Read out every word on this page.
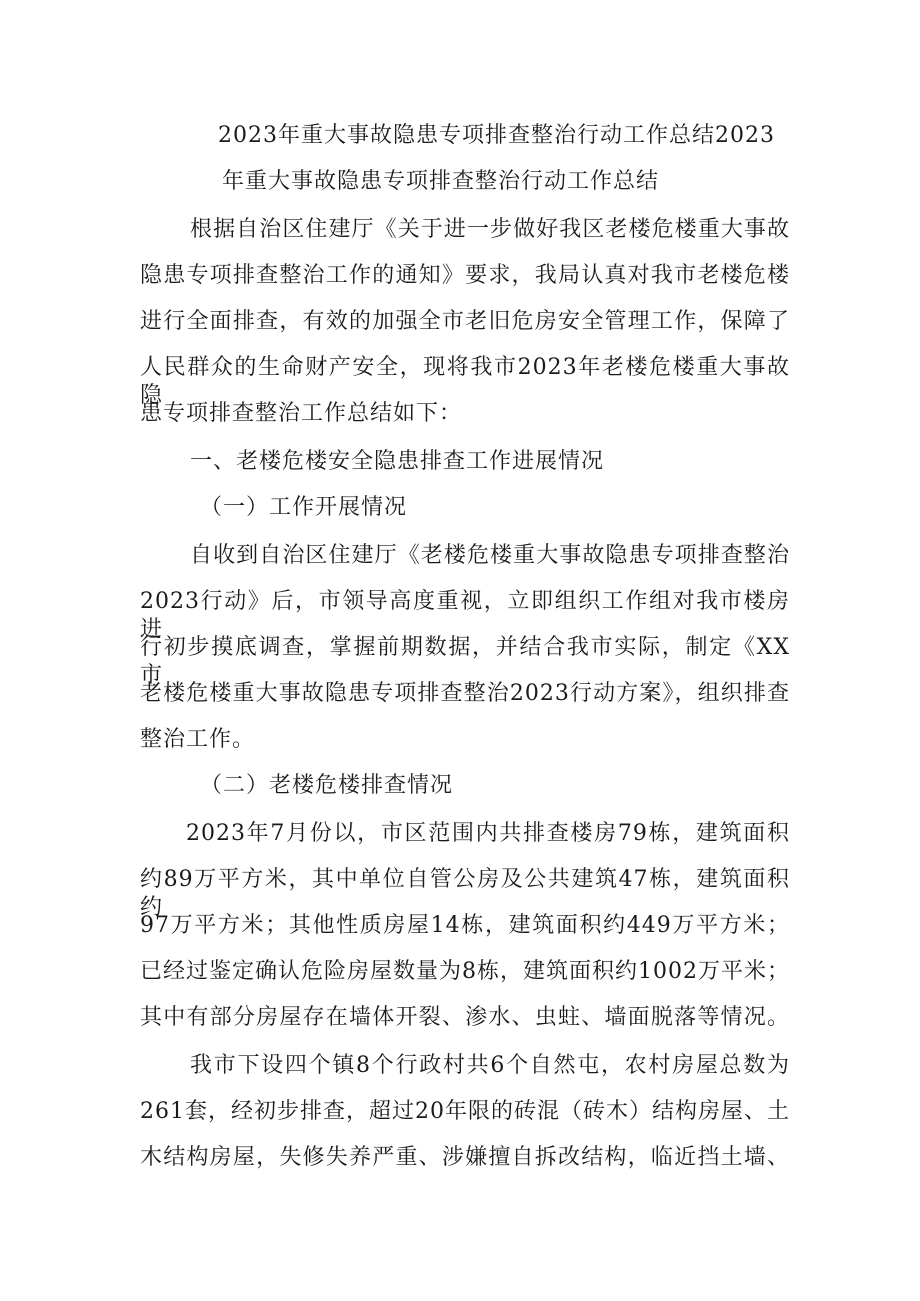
2023年重大事故隐患专项排查整治行动工作总结2023
年重大事故隐患专项排查整治行动工作总结
根据自治区住建厅《关于进一步做好我区老楼危楼重大事故
隐患专项排查整治工作的通知》要求，我局认真对我市老楼危楼
进行全面排查，有效的加强全市老旧危房安全管理工作，保障了
人民群众的生命财产安全，现将我市2023年老楼危楼重大事故隐
患专项排查整治工作总结如下：
一、老楼危楼安全隐患排查工作进展情况
（一）工作开展情况
自收到自治区住建厅《老楼危楼重大事故隐患专项排查整治
2023行动》后，市领导高度重视，立即组织工作组对我市楼房进
行初步摸底调查，掌握前期数据，并结合我市实际，制定《XX市
老楼危楼重大事故隐患专项排查整治2023行动方案》，组织排查
整治工作。
（二）老楼危楼排查情况
2023年7月份以，市区范围内共排查楼房79栋，建筑面积
约89万平方米，其中单位自管公房及公共建筑47栋，建筑面积约
97万平方米；其他性质房屋14栋，建筑面积约449万平方米；
已经过鉴定确认危险房屋数量为8栋，建筑面积约1002万平米；
其中有部分房屋存在墙体开裂、渗水、虫蛀、墙面脱落等情况。
我市下设四个镇8个行政村共6个自然屯，农村房屋总数为
261套，经初步排查，超过20年限的砖混（砖木）结构房屋、土
木结构房屋，失修失养严重、涉嫌擅自拆改结构，临近挡土墙、
